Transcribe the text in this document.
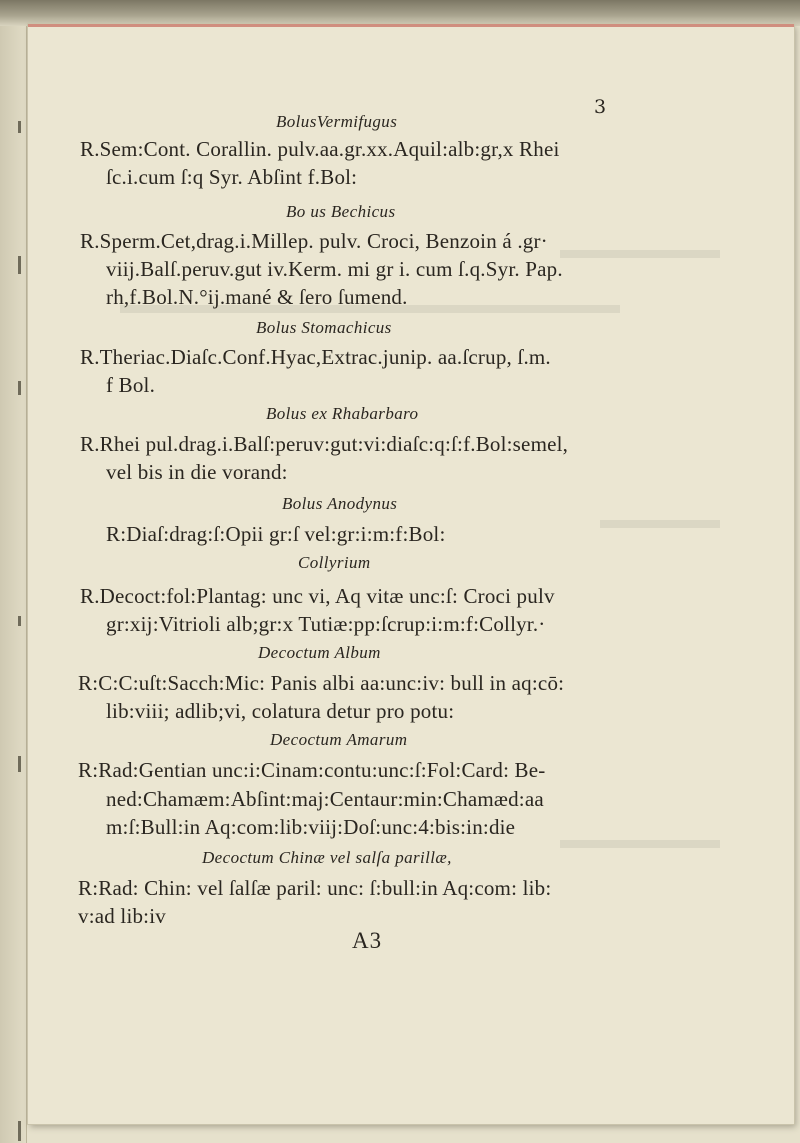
3
BolusVermifugus
R.Sem:Cont. Corallin. pulv.aa.gr.xx.Aquil:alb:gr,x Rhei
ſc.i.cum ſ:q Syr. Abſint f.Bol:
Bo us Bechicus
R.Sperm.Cet,drag.i.Millep. pulv. Croci, Benzoin á .gr·
viij.Balſ.peruv.gut iv.Kerm. mi gr i. cum ſ.q.Syr. Pap.
rh,f.Bol.N.°ij.mané & ſero ſumend.
Bolus Stomachicus
R.Theriac.Diaſc.Conf.Hyac,Extrac.junip. aa.ſcrup, ſ.m.
f Bol.
Bolus ex Rhabarbaro
R.Rhei pul.drag.i.Balſ:peruv:gut:vi:diaſc:q:ſ:f.Bol:semel,
vel bis in die vorand:
Bolus Anodynus
R:Diaſ:drag:ſ:Opii gr:ſ vel:gr:i:m:f:Bol:
Collyrium
R.Decoct:fol:Plantag: unc vi, Aq vitæ unc:ſ: Croci pulv
gr:xij:Vitrioli alb;gr:x Tutiæ:pp:ſcrup:i:m:f:Collyr.·
Decoctum Album
R:C:C:uſt:Sacch:Mic: Panis albi aa:unc:iv: bull in aq:cō:
lib:viii; adlib;vi, colatura detur pro potu:
Decoctum Amarum
R:Rad:Gentian unc:i:Cinam:contu:unc:ſ:Fol:Card: Be-
ned:Chamæm:Abſint:maj:Centaur:min:Chamæd:aa
m:ſ:Bull:in Aq:com:lib:viij:Doſ:unc:4:bis:in:die
Decoctum Chinæ vel salſa parillæ,
R:Rad: Chin: vel ſalſæ paril: unc: ſ:bull:in Aq:com: lib:
v:ad lib:iv
A3
